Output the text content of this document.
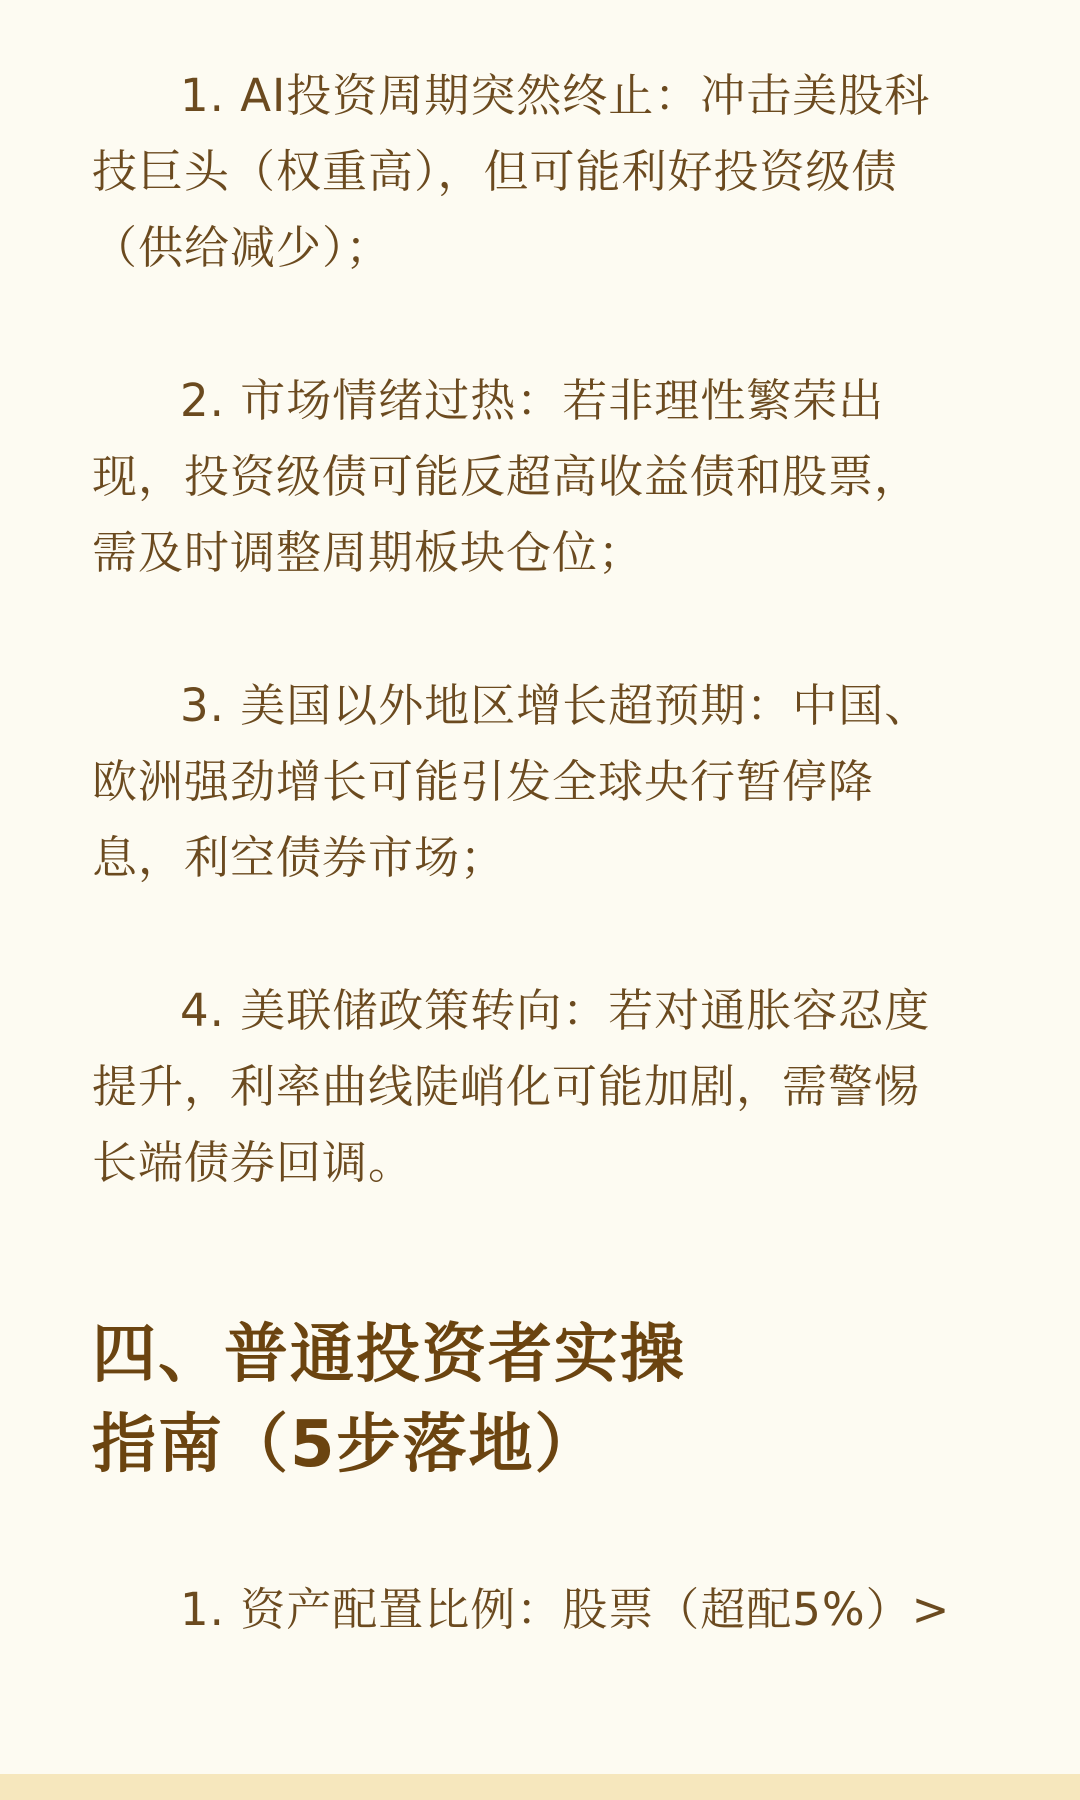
1. AI投资周期突然终止：冲击美股科
技巨头（权重高），但可能利好投资级债
（供给减少）；

2. 市场情绪过热：若非理性繁荣出
现，投资级债可能反超高收益债和股票，
需及时调整周期板块仓位；

3. 美国以外地区增长超预期：中国、
欧洲强劲增长可能引发全球央行暂停降
息，利空债券市场；

4. 美联储政策转向：若对通胀容忍度
提升，利率曲线陡峭化可能加剧，需警惕
长端债券回调。

四、普通投资者实操
指南（5步落地）

1. 资产配置比例：股票（超配5%）>
